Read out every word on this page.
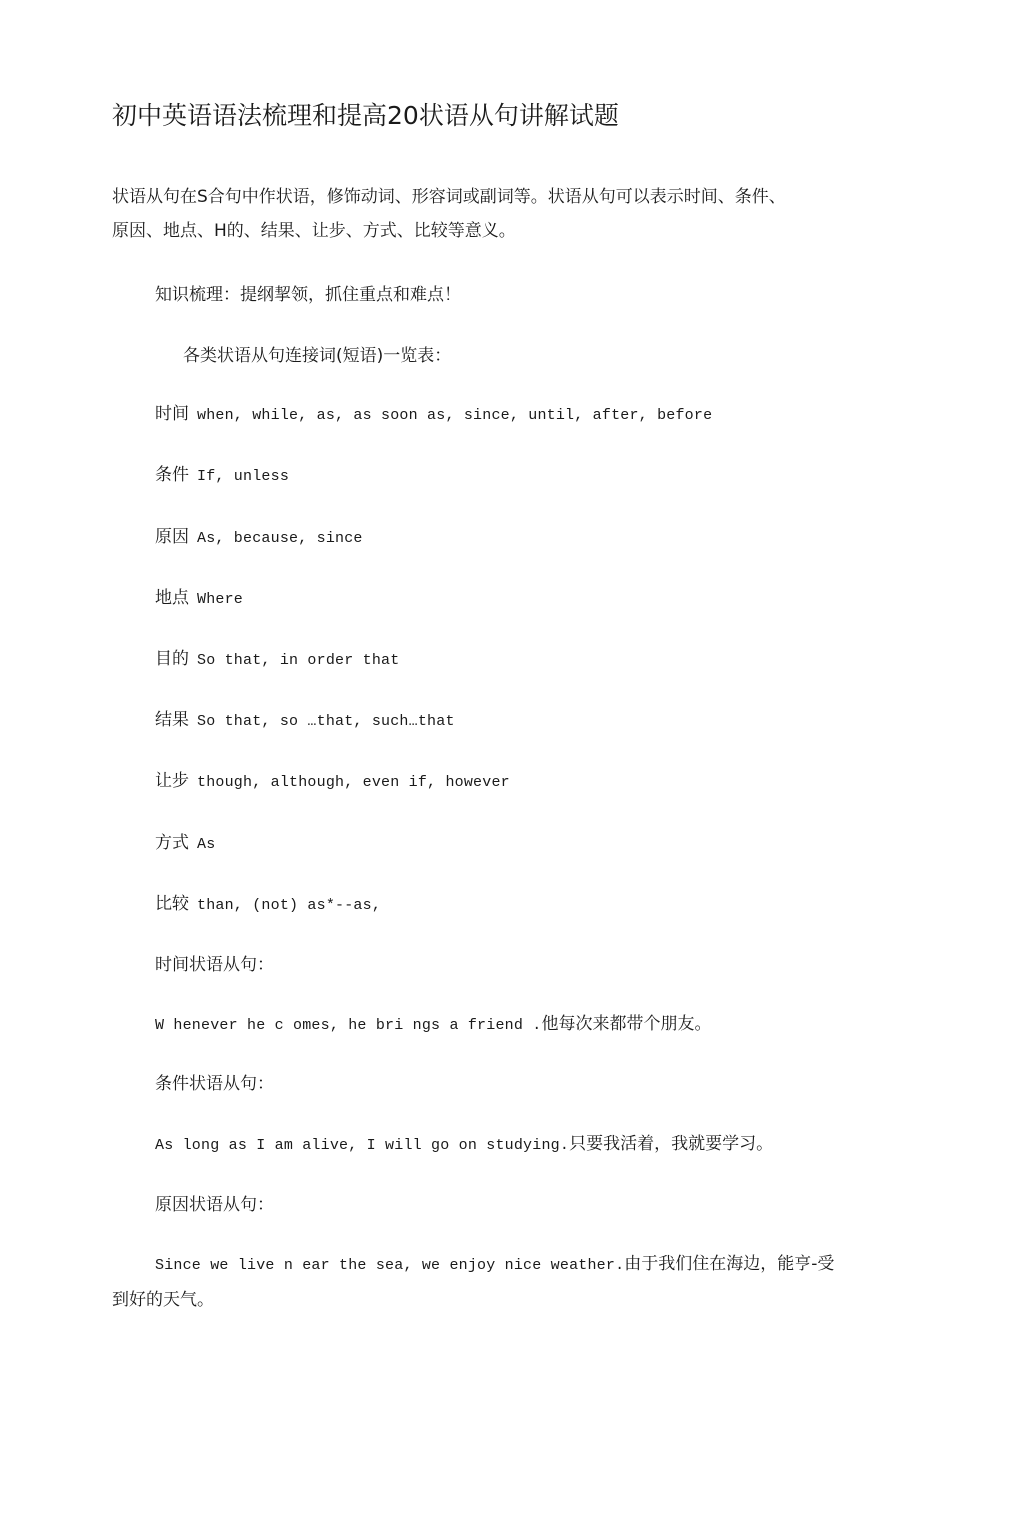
初中英语语法梳理和提高20状语从句讲解试题
状语从句在S合句中作状语，修饰动词、形容词或副词等。状语从句可以表示时间、条件、
原因、地点、H的、结果、让步、方式、比较等意义。
知识梳理：提纲挈领，抓住重点和难点！
各类状语从句连接词(短语)一览表：
时间 when, while, as, as soon as, since, until, after, before
条件 If, unless
原因 As, because, since
地点 Where
目的 So that, in order that
结果 So that, so …that, such…that
让步 though, although, even if, however
方式 As
比较 than, (not) as*--as,
时间状语从句：
W henever he c omes, he bri ngs a friend .他每次来都带个朋友。
条件状语从句：
As long as I am alive, I will go on studying.只要我活着，我就要学习。
原因状语从句：
Since we live n ear the sea, we enjoy nice weather.由于我们住在海边，能亨-受
到好的天气。
